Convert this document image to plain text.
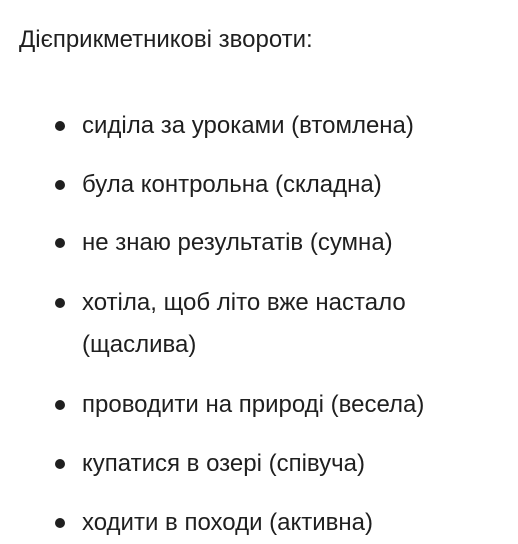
Дієприкметникові звороти:
сиділа за уроками (втомлена)
була контрольна (складна)
не знаю результатів (сумна)
хотіла, щоб літо вже настало
(щаслива)
проводити на природі (весела)
купатися в озері (співуча)
ходити в походи (активна)
